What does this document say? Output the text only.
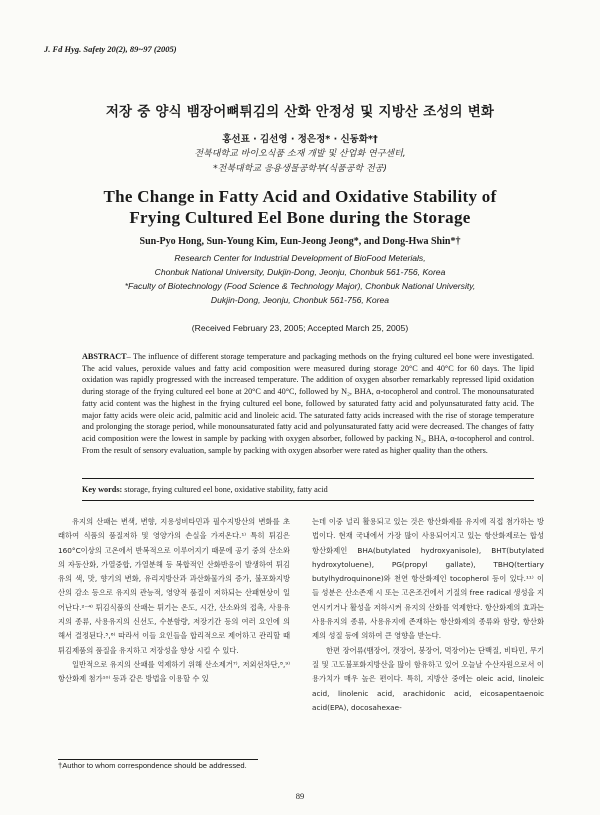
J. Fd Hyg. Safety 20(2), 89~97 (2005)
저장 중 양식 뱀장어뼈튀김의 산화 안정성 및 지방산 조성의 변화
홍선표 · 김선영 · 정은정* · 신동화*†
전북대학교 바이오식품 소재 개발 및 산업화 연구센터,
*전북대학교 응용생물공학부(식품공학 전공)
The Change in Fatty Acid and Oxidative Stability of
Frying Cultured Eel Bone during the Storage
Sun-Pyo Hong, Sun-Young Kim, Eun-Jeong Jeong*, and Dong-Hwa Shin*†
Research Center for Industrial Development of BioFood Meterials,
Chonbuk National University, Dukjin-Dong, Jeonju, Chonbuk 561-756, Korea
*Faculty of Biotechnology (Food Science & Technology Major), Chonbuk National University,
Dukjin-Dong, Jeonju, Chonbuk 561-756, Korea
(Received February 23, 2005; Accepted March 25, 2005)
ABSTRACT– The influence of different storage temperature and packaging methods on the frying cultured eel bone were investigated. The acid values, peroxide values and fatty acid composition were measured during storage 20°C and 40°C for 60 days. The lipid oxidation was rapidly progressed with the increased temperature. The addition of oxygen absorber remarkably repressed lipid oxidation during storage of the frying cultured eel bone at 20°C and 40°C, followed by N₂, BHA, α-tocopherol and control. The monounsaturated fatty acid content was the highest in the frying cultured eel bone, followed by saturated fatty acid and polyunsaturated fatty acid. The major fatty acids were oleic acid, palmitic acid and linoleic acid. The saturated fatty acids increased with the rise of storage temperature and prolonging the storage period, while monounsaturated fatty acid and polyunsaturated fatty acid were decreased. The changes of fatty acid composition were the lowest in sample by packing with oxygen absorber, followed by packing N₂, BHA, α-tocopherol and control. From the result of sensory evaluation, sample by packing with oxygen absorber were rated as higher quality than the others.
Key words: storage, frying cultured eel bone, oxidative stability, fatty acid

유지의 산패는 변색, 변향, 지용성비타민과 필수지방산의 변화를 초래하여 식품의 품질저하 및 영양가의 손실을 가져온다.¹⁾ 특히 튀김은 160°C이상의 고온에서 반복적으로 이루어지기 때문에 공기 중의 산소와의 자동산화, 가열중합, 가열분해 등 복합적인 산화반응이 발생하여 튀김유의 색, 맛, 향기의 변화, 유리지방산과 과산화물가의 증가, 불포화지방산의 감소 등으로 유지의 관능적, 영양적 품질이 저하되는 산패현상이 일어난다.²⁻⁴⁾ 튀김식품의 산패는 튀기는 온도, 시간, 산소와의 접촉, 사용유지의 종류, 사용유지의 신선도, 수분함량, 저장기간 등의 여러 요인에 의해서 결정된다.⁵,⁶⁾ 따라서 이들 요인들을 합리적으로 제어하고 관리할 때 튀김제품의 품질을 유지하고 저장성을 향상 시킬 수 있다.

일반적으로 유지의 산패를 억제하기 위해 산소제거⁷⁾, 저외선차단,⁸,⁹⁾ 항산화제 첨가¹⁰⁾ 등과 같은 방법을 이용할 수 있

는데 이중 널리 활용되고 있는 것은 항산화제를 유지에 직접 첨가하는 방법이다. 현재 국내에서 가장 많이 사용되어지고 있는 항산화제로는 합성 항산화제인 BHA(butylated hydroxyanisole), BHT(butylated hydroxytoluene), PG(propyl gallate), TBHQ(tertiary butylhydroquinone)와 천연 항산화제인 tocopherol 등이 있다.¹¹⁾ 이들 성분은 산소존재 시 또는 고온조건에서 기질의 free radical 생성을 지연시키거나 활성을 저하시켜 유지의 산화를 억제한다. 항산화제의 효과는 사용유지의 종류, 사용유지에 존재하는 항산화제의 종류와 함량, 항산화제의 성질 등에 의하여 큰 영향을 받는다.

한편 장어류(뱀장어, 갯장어, 붕장어, 먹장어)는 단백질, 비타민, 무기질 및 고도불포화지방산을 많이 함유하고 있어 오늘날 수산자원으로서 이용가치가 매우 높은 편이다. 특히, 지방산 중에는 oleic acid, linoleic acid, linolenic acid, arachidonic acid, eicosapentaenoic acid(EPA), docosahexae-

†Author to whom correspondence should be addressed.
89
